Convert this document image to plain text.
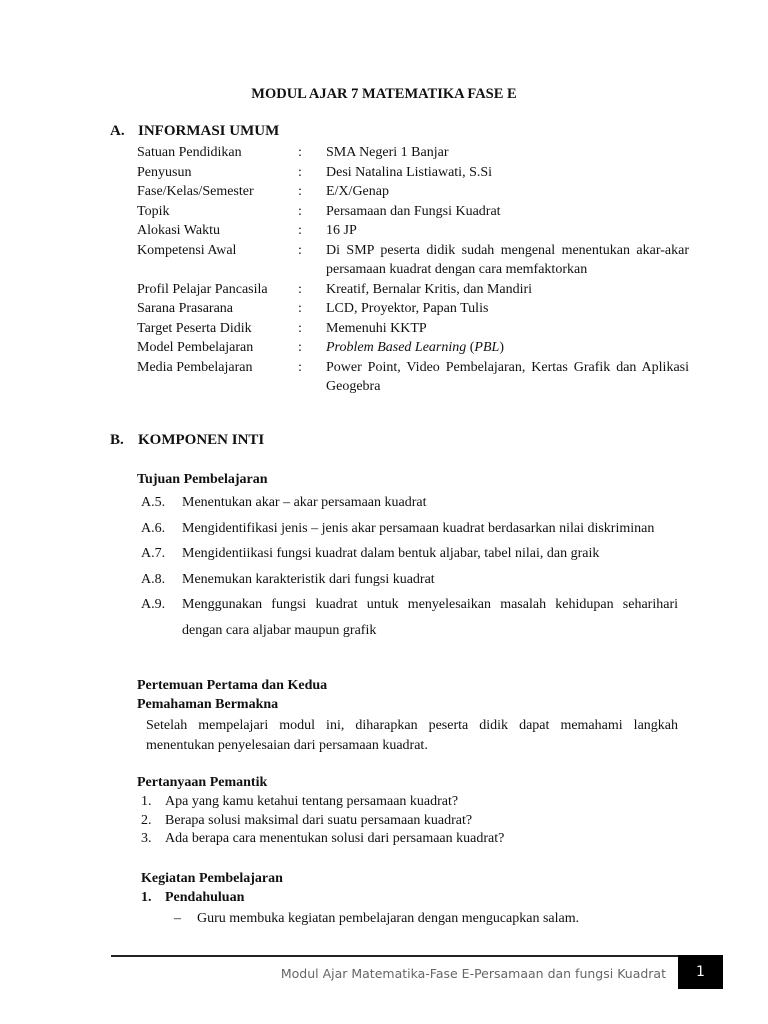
MODUL AJAR 7 MATEMATIKA FASE E
A. INFORMASI UMUM
Satuan Pendidikan	:	SMA Negeri 1 Banjar
Penyusun	:	Desi Natalina Listiawati, S.Si
Fase/Kelas/Semester	:	E/X/Genap
Topik	:	Persamaan dan Fungsi Kuadrat
Alokasi Waktu	:	16 JP
Kompetensi Awal	:	Di SMP peserta didik sudah mengenal menentukan akar-akar persamaan kuadrat dengan cara memfaktorkan
Profil Pelajar Pancasila	:	Kreatif, Bernalar Kritis, dan Mandiri
Sarana Prasarana	:	LCD, Proyektor, Papan Tulis
Target Peserta Didik	:	Memenuhi KKTP
Model Pembelajaran	:	Problem Based Learning (PBL)
Media Pembelajaran	:	Power Point, Video Pembelajaran, Kertas Grafik dan Aplikasi Geogebra
B. KOMPONEN INTI
Tujuan Pembelajaran
A.5.	Menentukan akar – akar persamaan kuadrat
A.6.	Mengidentifikasi jenis – jenis akar persamaan kuadrat berdasarkan nilai diskriminan
A.7.	Mengidentiikasi fungsi kuadrat dalam bentuk aljabar, tabel nilai, dan graik
A.8.	Menemukan karakteristik dari fungsi kuadrat
A.9.	Menggunakan fungsi kuadrat untuk menyelesaikan masalah kehidupan seharihari dengan cara aljabar maupun grafik
Pertemuan Pertama dan Kedua
Pemahaman Bermakna
Setelah mempelajari modul ini, diharapkan peserta didik dapat memahami langkah menentukan penyelesaian dari persamaan kuadrat.
Pertanyaan Pemantik
1. Apa yang kamu ketahui tentang persamaan kuadrat?
2. Berapa solusi maksimal dari suatu persamaan kuadrat?
3. Ada berapa cara menentukan solusi dari persamaan kuadrat?
Kegiatan Pembelajaran
1. Pendahuluan
–	Guru membuka kegiatan pembelajaran dengan mengucapkan salam.
Modul Ajar Matematika-Fase E-Persamaan dan fungsi Kuadrat	1
